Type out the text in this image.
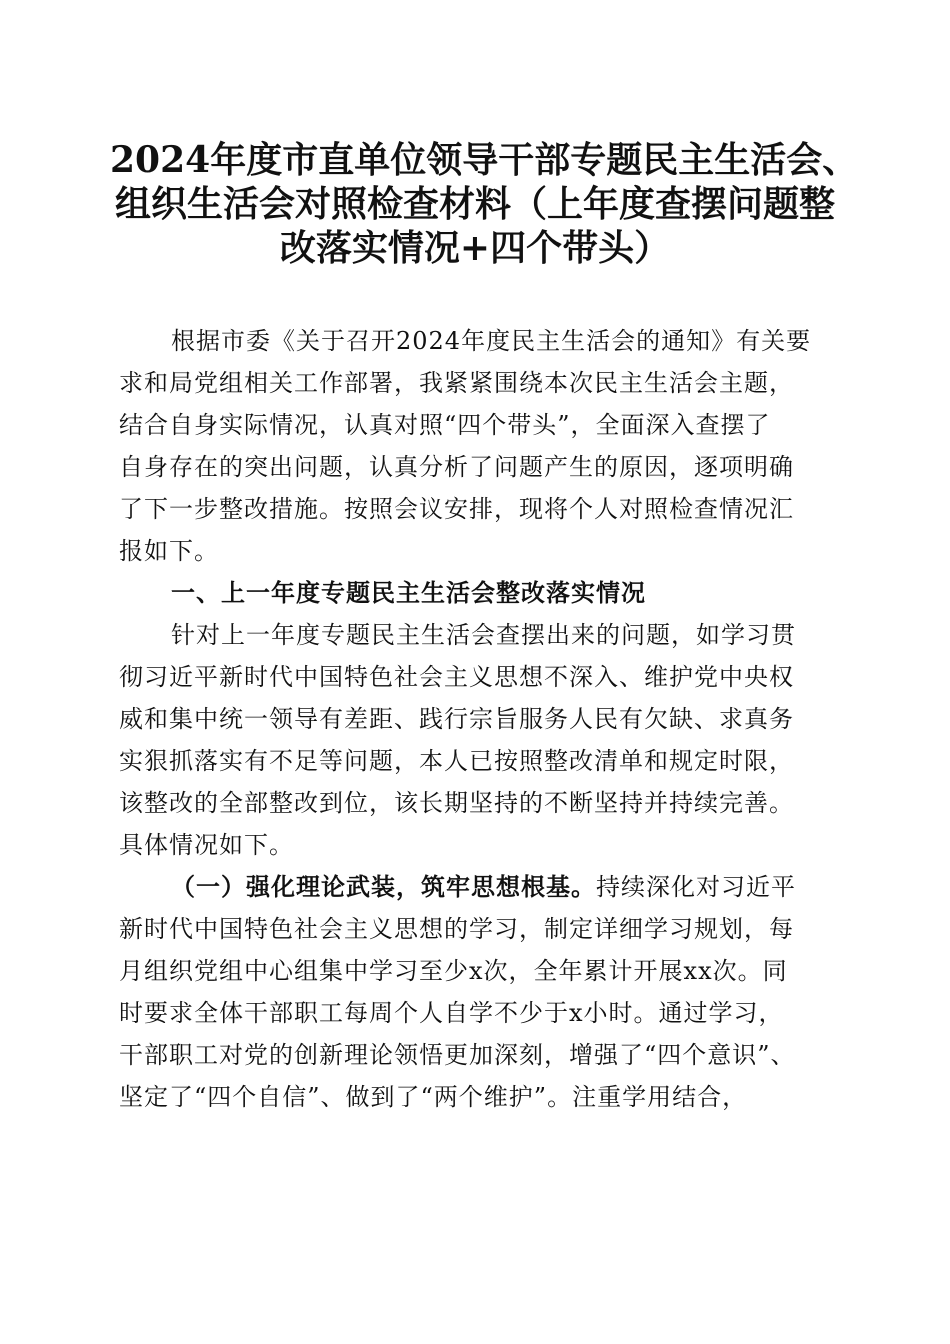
2024年度市直单位领导干部专题民主生活会、
组织生活会对照检查材料（上年度查摆问题整
改落实情况+四个带头）
根据市委《关于召开2024年度民主生活会的通知》有关要
求和局党组相关工作部署，我紧紧围绕本次民主生活会主题，
结合自身实际情况，认真对照“四个带头”，全面深入查摆了
自身存在的突出问题，认真分析了问题产生的原因，逐项明确
了下一步整改措施。按照会议安排，现将个人对照检查情况汇
报如下。
一、上一年度专题民主生活会整改落实情况
针对上一年度专题民主生活会查摆出来的问题，如学习贯
彻习近平新时代中国特色社会主义思想不深入、维护党中央权
威和集中统一领导有差距、践行宗旨服务人民有欠缺、求真务
实狠抓落实有不足等问题，本人已按照整改清单和规定时限，
该整改的全部整改到位，该长期坚持的不断坚持并持续完善。
具体情况如下。
（一）强化理论武装，筑牢思想根基。持续深化对习近平
新时代中国特色社会主义思想的学习，制定详细学习规划，每
月组织党组中心组集中学习至少x次，全年累计开展xx次。同
时要求全体干部职工每周个人自学不少于x小时。通过学习，
干部职工对党的创新理论领悟更加深刻，增强了“四个意识”、
坚定了“四个自信”、做到了“两个维护”。注重学用结合，
